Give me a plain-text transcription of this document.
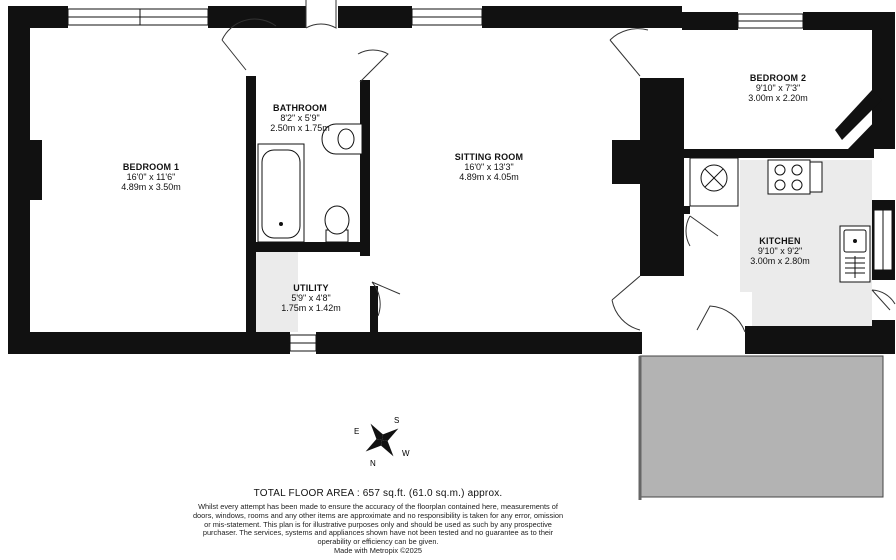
S
W
E
N
BEDROOM 1
16'0" x 11'6"
4.89m x 3.50m
BATHROOM
8'2" x 5'9"
2.50m x 1.75m
SITTING ROOM
16'0" x 13'3"
4.89m x 4.05m
BEDROOM 2
9'10" x 7'3"
3.00m x 2.20m
KITCHEN
9'10" x 9'2"
3.00m x 2.80m
UTILITY
5'9" x 4'8"
1.75m x 1.42m
TOTAL FLOOR AREA : 657 sq.ft. (61.0 sq.m.) approx.
Whilst every attempt has been made to ensure the accuracy of the floorplan contained here, measurements of doors, windows, rooms and any other items are approximate and no responsibility is taken for any error, omission or mis-statement. This plan is for illustrative purposes only and should be used as such by any prospective purchaser. The services, systems and appliances shown have not been tested and no guarantee as to their operability or efficiency can be given.
Made with Metropix ©2025
